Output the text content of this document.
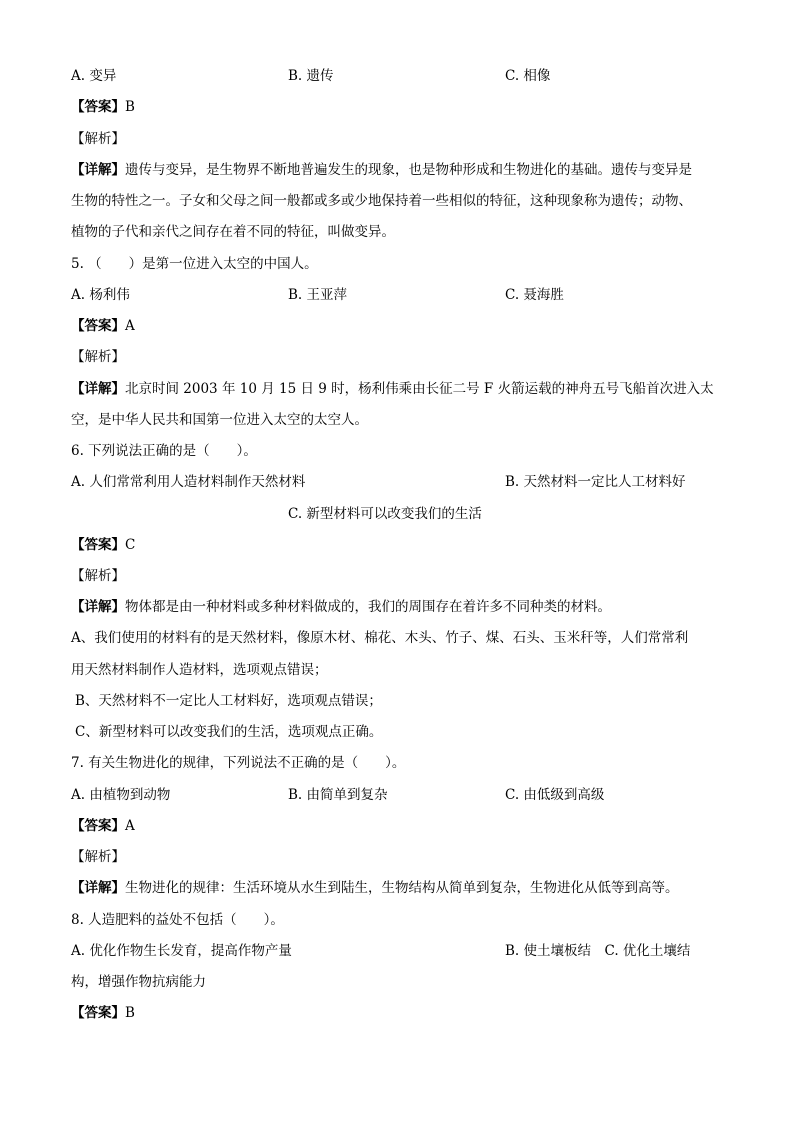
A. 变异	B. 遗传	C. 相像
【答案】B
【解析】
【详解】遗传与变异，是生物界不断地普遍发生的现象，也是物种形成和生物进化的基础。遗传与变异是
生物的特性之一。子女和父母之间一般都或多或少地保持着一些相似的特征，这种现象称为遗传；动物、
植物的子代和亲代之间存在着不同的特征，叫做变异。
5. （　　）是第一位进入太空的中国人。
A. 杨利伟	B. 王亚萍	C. 聂海胜
【答案】A
【解析】
【详解】北京时间 2003 年 10 月 15 日 9 时，杨利伟乘由长征二号 F 火箭运载的神舟五号飞船首次进入太
空，是中华人民共和国第一位进入太空的太空人。
6. 下列说法正确的是（　　）。
A. 人们常常利用人造材料制作天然材料	B. 天然材料一定比人工材料好
C. 新型材料可以改变我们的生活
【答案】C
【解析】
【详解】物体都是由一种材料或多种材料做成的，我们的周围存在着许多不同种类的材料。
A、我们使用的材料有的是天然材料，像原木材、棉花、木头、竹子、煤、石头、玉米秆等，人们常常利
用天然材料制作人造材料，选项观点错误；
B、天然材料不一定比人工材料好，选项观点错误；
C、新型材料可以改变我们的生活，选项观点正确。
7. 有关生物进化的规律，下列说法不正确的是（　　）。
A. 由植物到动物	B. 由简单到复杂	C. 由低级到高级
【答案】A
【解析】
【详解】生物进化的规律：生活环境从水生到陆生，生物结构从简单到复杂，生物进化从低等到高等。
8. 人造肥料的益处不包括（　　）。
A. 优化作物生长发育，提高作物产量	B. 使土壤板结　C. 优化土壤结
构，增强作物抗病能力
【答案】B
